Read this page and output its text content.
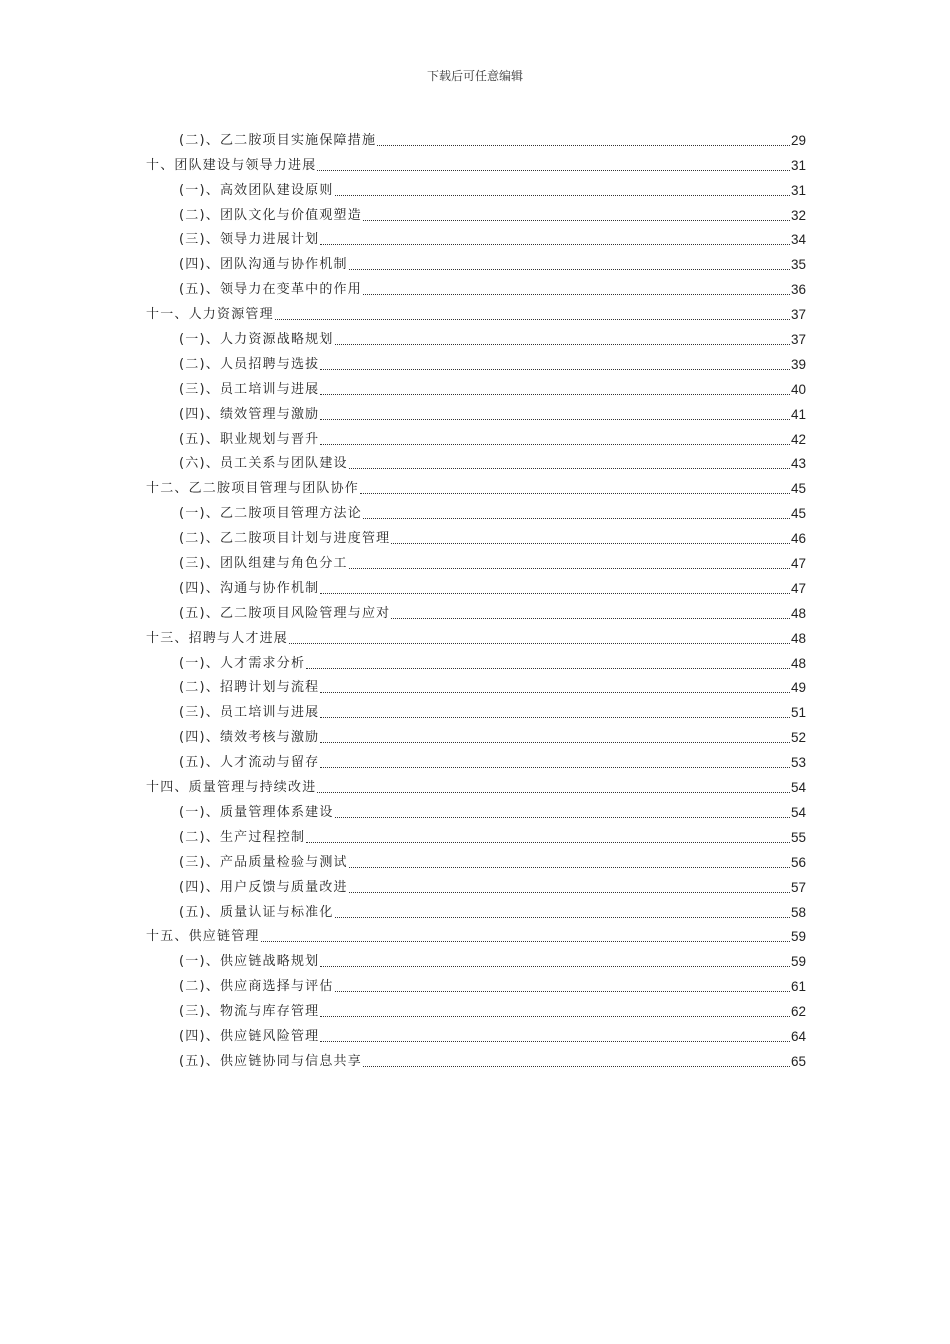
下载后可任意编辑
(二)、乙二胺项目实施保障措施	29
十、团队建设与领导力进展	31
(一)、高效团队建设原则	31
(二)、团队文化与价值观塑造	32
(三)、领导力进展计划	34
(四)、团队沟通与协作机制	35
(五)、领导力在变革中的作用	36
十一、人力资源管理	37
(一)、人力资源战略规划	37
(二)、人员招聘与选拔	39
(三)、员工培训与进展	40
(四)、绩效管理与激励	41
(五)、职业规划与晋升	42
(六)、员工关系与团队建设	43
十二、乙二胺项目管理与团队协作	45
(一)、乙二胺项目管理方法论	45
(二)、乙二胺项目计划与进度管理	46
(三)、团队组建与角色分工	47
(四)、沟通与协作机制	47
(五)、乙二胺项目风险管理与应对	48
十三、招聘与人才进展	48
(一)、人才需求分析	48
(二)、招聘计划与流程	49
(三)、员工培训与进展	51
(四)、绩效考核与激励	52
(五)、人才流动与留存	53
十四、质量管理与持续改进	54
(一)、质量管理体系建设	54
(二)、生产过程控制	55
(三)、产品质量检验与测试	56
(四)、用户反馈与质量改进	57
(五)、质量认证与标准化	58
十五、供应链管理	59
(一)、供应链战略规划	59
(二)、供应商选择与评估	61
(三)、物流与库存管理	62
(四)、供应链风险管理	64
(五)、供应链协同与信息共享	65
